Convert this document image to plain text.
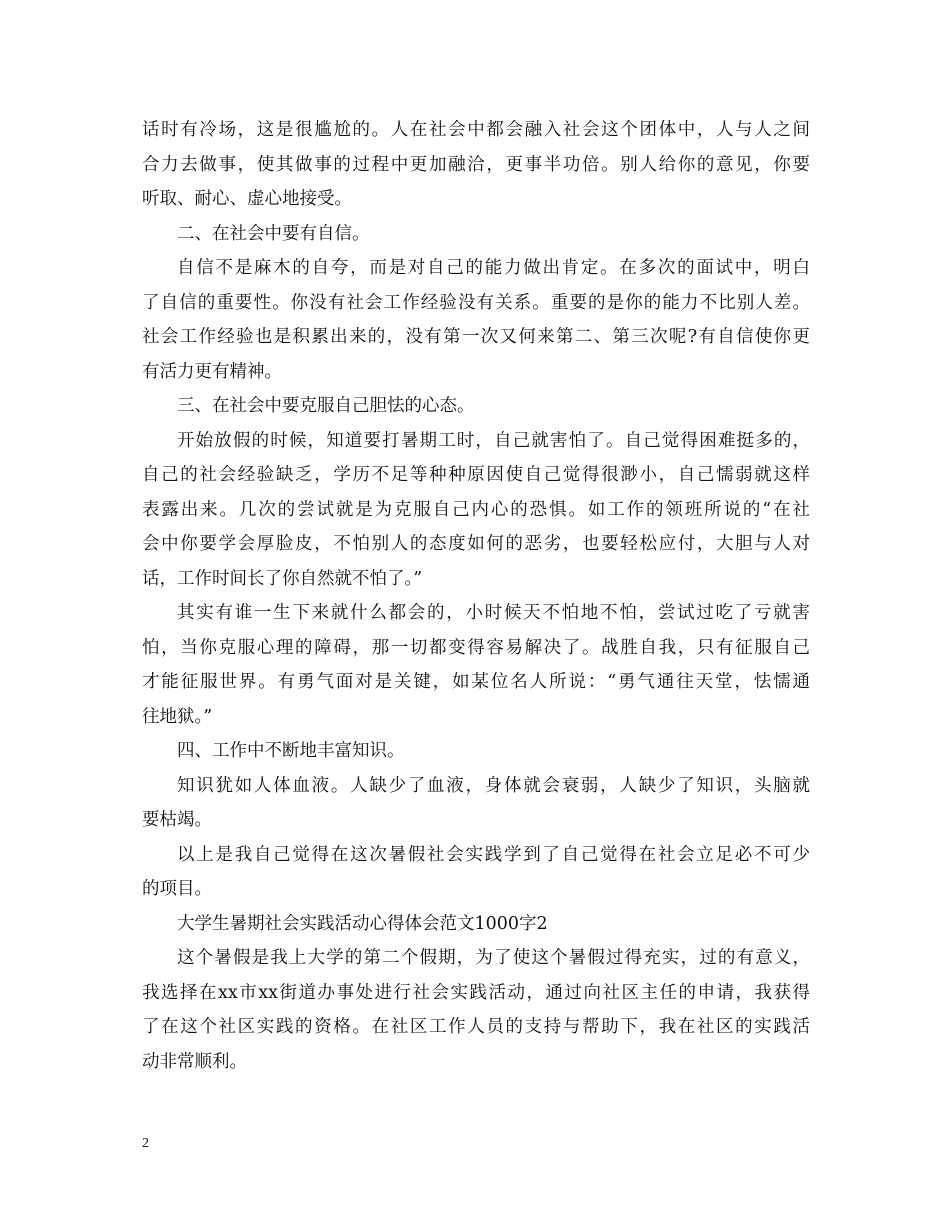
话时有冷场，这是很尴尬的。人在社会中都会融入社会这个团体中，人与人之间
合力去做事，使其做事的过程中更加融洽，更事半功倍。别人给你的意见，你要
听取、耐心、虚心地接受。

二、在社会中要有自信。

自信不是麻木的自夸，而是对自己的能力做出肯定。在多次的面试中，明白
了自信的重要性。你没有社会工作经验没有关系。重要的是你的能力不比别人差。
社会工作经验也是积累出来的，没有第一次又何来第二、第三次呢?有自信使你更
有活力更有精神。

三、在社会中要克服自己胆怯的心态。

开始放假的时候，知道要打暑期工时，自己就害怕了。自己觉得困难挺多的，
自己的社会经验缺乏，学历不足等种种原因使自己觉得很渺小，自己懦弱就这样
表露出来。几次的尝试就是为克服自己内心的恐惧。如工作的领班所说的“在社
会中你要学会厚脸皮，不怕别人的态度如何的恶劣，也要轻松应付，大胆与人对
话，工作时间长了你自然就不怕了。”

其实有谁一生下来就什么都会的，小时候天不怕地不怕，尝试过吃了亏就害
怕，当你克服心理的障碍，那一切都变得容易解决了。战胜自我，只有征服自己
才能征服世界。有勇气面对是关键，如某位名人所说：“勇气通往天堂，怯懦通
往地狱。”

四、工作中不断地丰富知识。

知识犹如人体血液。人缺少了血液，身体就会衰弱，人缺少了知识，头脑就
要枯竭。

以上是我自己觉得在这次暑假社会实践学到了自己觉得在社会立足必不可少
的项目。

大学生暑期社会实践活动心得体会范文1000字2

这个暑假是我上大学的第二个假期，为了使这个暑假过得充实，过的有意义，
我选择在xx市xx街道办事处进行社会实践活动，通过向社区主任的申请，我获得
了在这个社区实践的资格。在社区工作人员的支持与帮助下，我在社区的实践活
动非常顺利。

2
